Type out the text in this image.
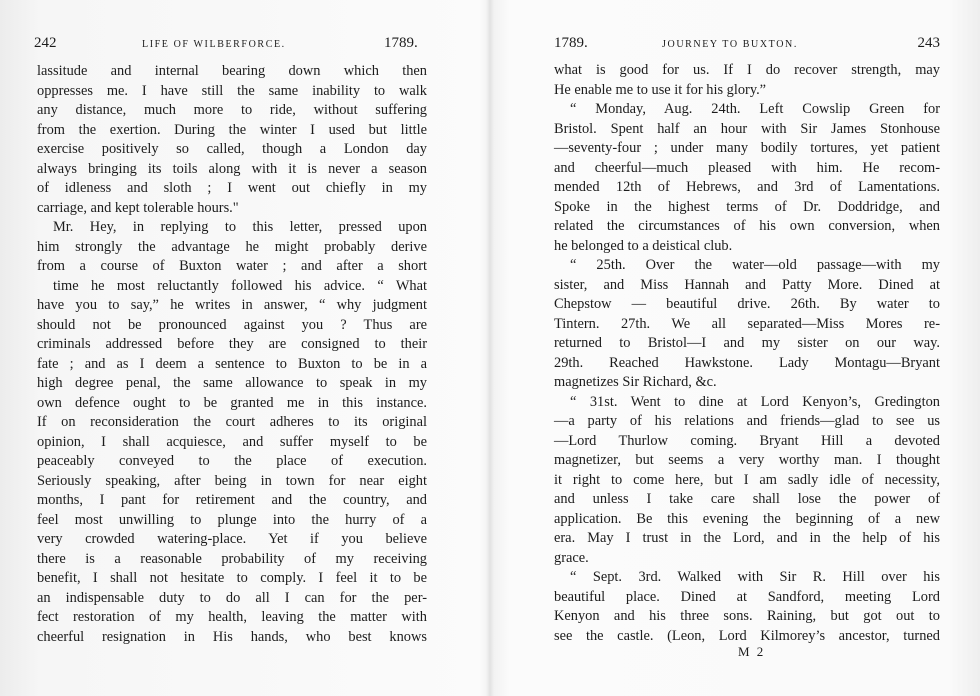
242	LIFE OF WILBERFORCE.	1789.
lassitude and internal bearing down which then
oppresses me. I have still the same inability to walk
any distance, much more to ride, without suffering
from the exertion. During the winter I used but little
exercise positively so called, though a London day
always bringing its toils along with it is never a season
of idleness and sloth ; I went out chiefly in my
carriage, and kept tolerable hours."
Mr. Hey, in replying to this letter, pressed upon
him strongly the advantage he might probably derive
from a course of Buxton water ; and after a short
time he most reluctantly followed his advice. “ What
have you to say,” he writes in answer, “ why judgment
should not be pronounced against you ? Thus are
criminals addressed before they are consigned to their
fate ; and as I deem a sentence to Buxton to be in a
high degree penal, the same allowance to speak in my
own defence ought to be granted me in this instance.
If on reconsideration the court adheres to its original
opinion, I shall acquiesce, and suffer myself to be
peaceably conveyed to the place of execution.
Seriously speaking, after being in town for near eight
months, I pant for retirement and the country, and
feel most unwilling to plunge into the hurry of a
very crowded watering-place. Yet if you believe
there is a reasonable probability of my receiving
benefit, I shall not hesitate to comply. I feel it to be
an indispensable duty to do all I can for the per-
fect restoration of my health, leaving the matter with
cheerful resignation in His hands, who best knows
1789.	JOURNEY TO BUXTON.	243
what is good for us. If I do recover strength, may
He enable me to use it for his glory.”
“ Monday, Aug. 24th. Left Cowslip Green for
Bristol. Spent half an hour with Sir James Stonhouse
—seventy-four ; under many bodily tortures, yet patient
and cheerful—much pleased with him. He recom-
mended 12th of Hebrews, and 3rd of Lamentations.
Spoke in the highest terms of Dr. Doddridge, and
related the circumstances of his own conversion, when
he belonged to a deistical club.
“ 25th. Over the water—old passage—with my
sister, and Miss Hannah and Patty More. Dined at
Chepstow — beautiful drive. 26th. By water to
Tintern. 27th. We all separated—Miss Mores re-
returned to Bristol—I and my sister on our way.
29th. Reached Hawkstone. Lady Montagu—Bryant
magnetizes Sir Richard, &c.
“ 31st. Went to dine at Lord Kenyon’s, Gredington
—a party of his relations and friends—glad to see us
—Lord Thurlow coming. Bryant Hill a devoted
magnetizer, but seems a very worthy man. I thought
it right to come here, but I am sadly idle of necessity,
and unless I take care shall lose the power of
application. Be this evening the beginning of a new
era. May I trust in the Lord, and in the help of his
grace.
“ Sept. 3rd. Walked with Sir R. Hill over his
beautiful place. Dined at Sandford, meeting Lord
Kenyon and his three sons. Raining, but got out to
see the castle. (Leon, Lord Kilmorey’s ancestor, turned
M 2
